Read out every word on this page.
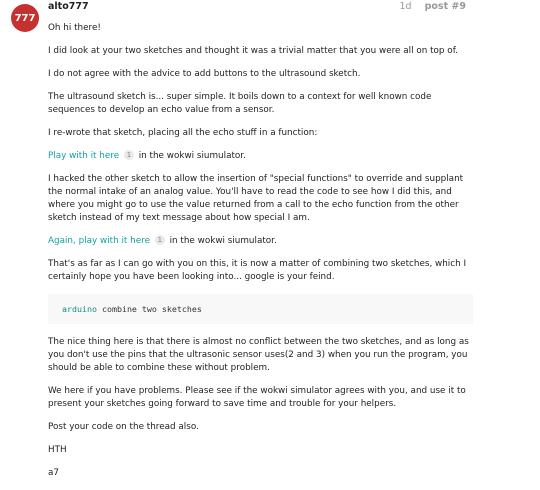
777
alto777	1d post #9

Oh hi there!

I did look at your two sketches and thought it was a trivial matter that you were all on top of.

I do not agree with the advice to add buttons to the ultrasound sketch.

The ultrasound sketch is... super simple. It boils down to a context for well known code sequences to develop an echo value from a sensor.

I re-wrote that sketch, placing all the echo stuff in a function:

Play with it here 1 in the wokwi siumulator.

I hacked the other sketch to allow the insertion of "special functions" to override and supplant the normal intake of an analog value. You'll have to read the code to see how I did this, and where you might go to use the value returned from a call to the echo function from the other sketch instead of my text message about how special I am.

Again, play with it here 1 in the wokwi siumulator.

That's as far as I can go with you on this, it is now a matter of combining two sketches, which I certainly hope you have been looking into... google is your feind.

arduino combine two sketches

The nice thing here is that there is almost no conflict between the two sketches, and as long as you don't use the pins that the ultrasonic sensor uses(2 and 3) when you run the program, you should be able to combine these without problem.

We here if you have problems. Please see if the wokwi simulator agrees with you, and use it to present your sketches going forward to save time and trouble for your helpers.

Post your code on the thread also.

HTH

a7
